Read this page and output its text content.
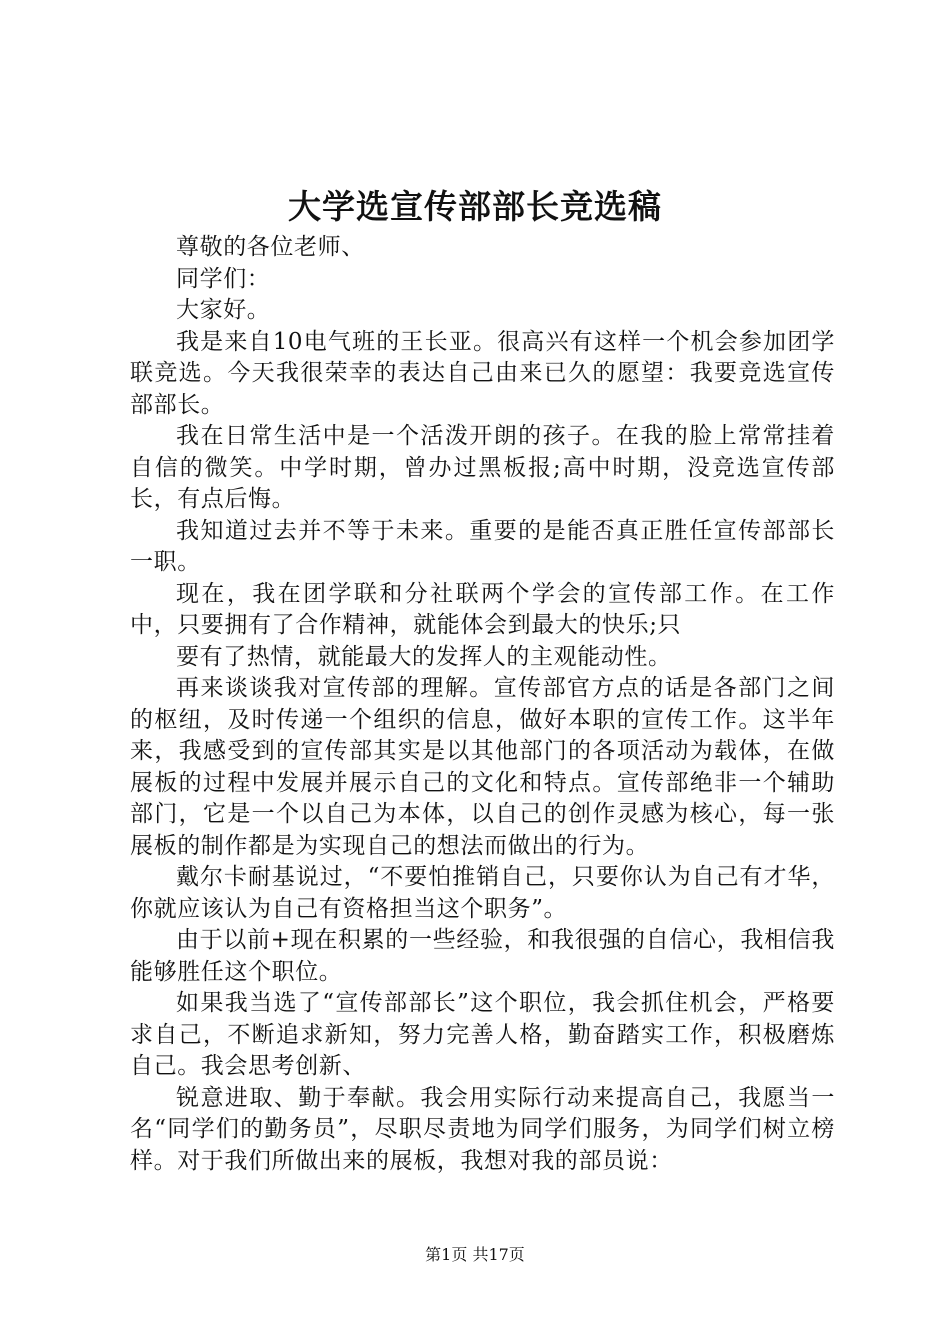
大学选宣传部部长竞选稿

尊敬的各位老师、

同学们：

大家好。

我是来自10电气班的王长亚。很高兴有这样一个机会参加团学联竞选。今天我很荣幸的表达自己由来已久的愿望：我要竞选宣传部部长。

我在日常生活中是一个活泼开朗的孩子。在我的脸上常常挂着自信的微笑。中学时期，曾办过黑板报;高中时期，没竞选宣传部长，有点后悔。

我知道过去并不等于未来。重要的是能否真正胜任宣传部部长一职。

现在，我在团学联和分社联两个学会的宣传部工作。在工作中，只要拥有了合作精神，就能体会到最大的快乐;只

要有了热情，就能最大的发挥人的主观能动性。

再来谈谈我对宣传部的理解。宣传部官方点的话是各部门之间的枢纽，及时传递一个组织的信息，做好本职的宣传工作。这半年来，我感受到的宣传部其实是以其他部门的各项活动为载体，在做展板的过程中发展并展示自己的文化和特点。宣传部绝非一个辅助部门，它是一个以自己为本体，以自己的创作灵感为核心，每一张展板的制作都是为实现自己的想法而做出的行为。

戴尔卡耐基说过，“不要怕推销自己，只要你认为自己有才华，你就应该认为自己有资格担当这个职务”。

由于以前+现在积累的一些经验，和我很强的自信心，我相信我能够胜任这个职位。

如果我当选了“宣传部部长”这个职位，我会抓住机会，严格要求自己，不断追求新知，努力完善人格，勤奋踏实工作，积极磨炼自己。我会思考创新、

锐意进取、勤于奉献。我会用实际行动来提高自己，我愿当一名“同学们的勤务员”，尽职尽责地为同学们服务，为同学们树立榜样。对于我们所做出来的展板，我想对我的部员说：

第1页 共17页
